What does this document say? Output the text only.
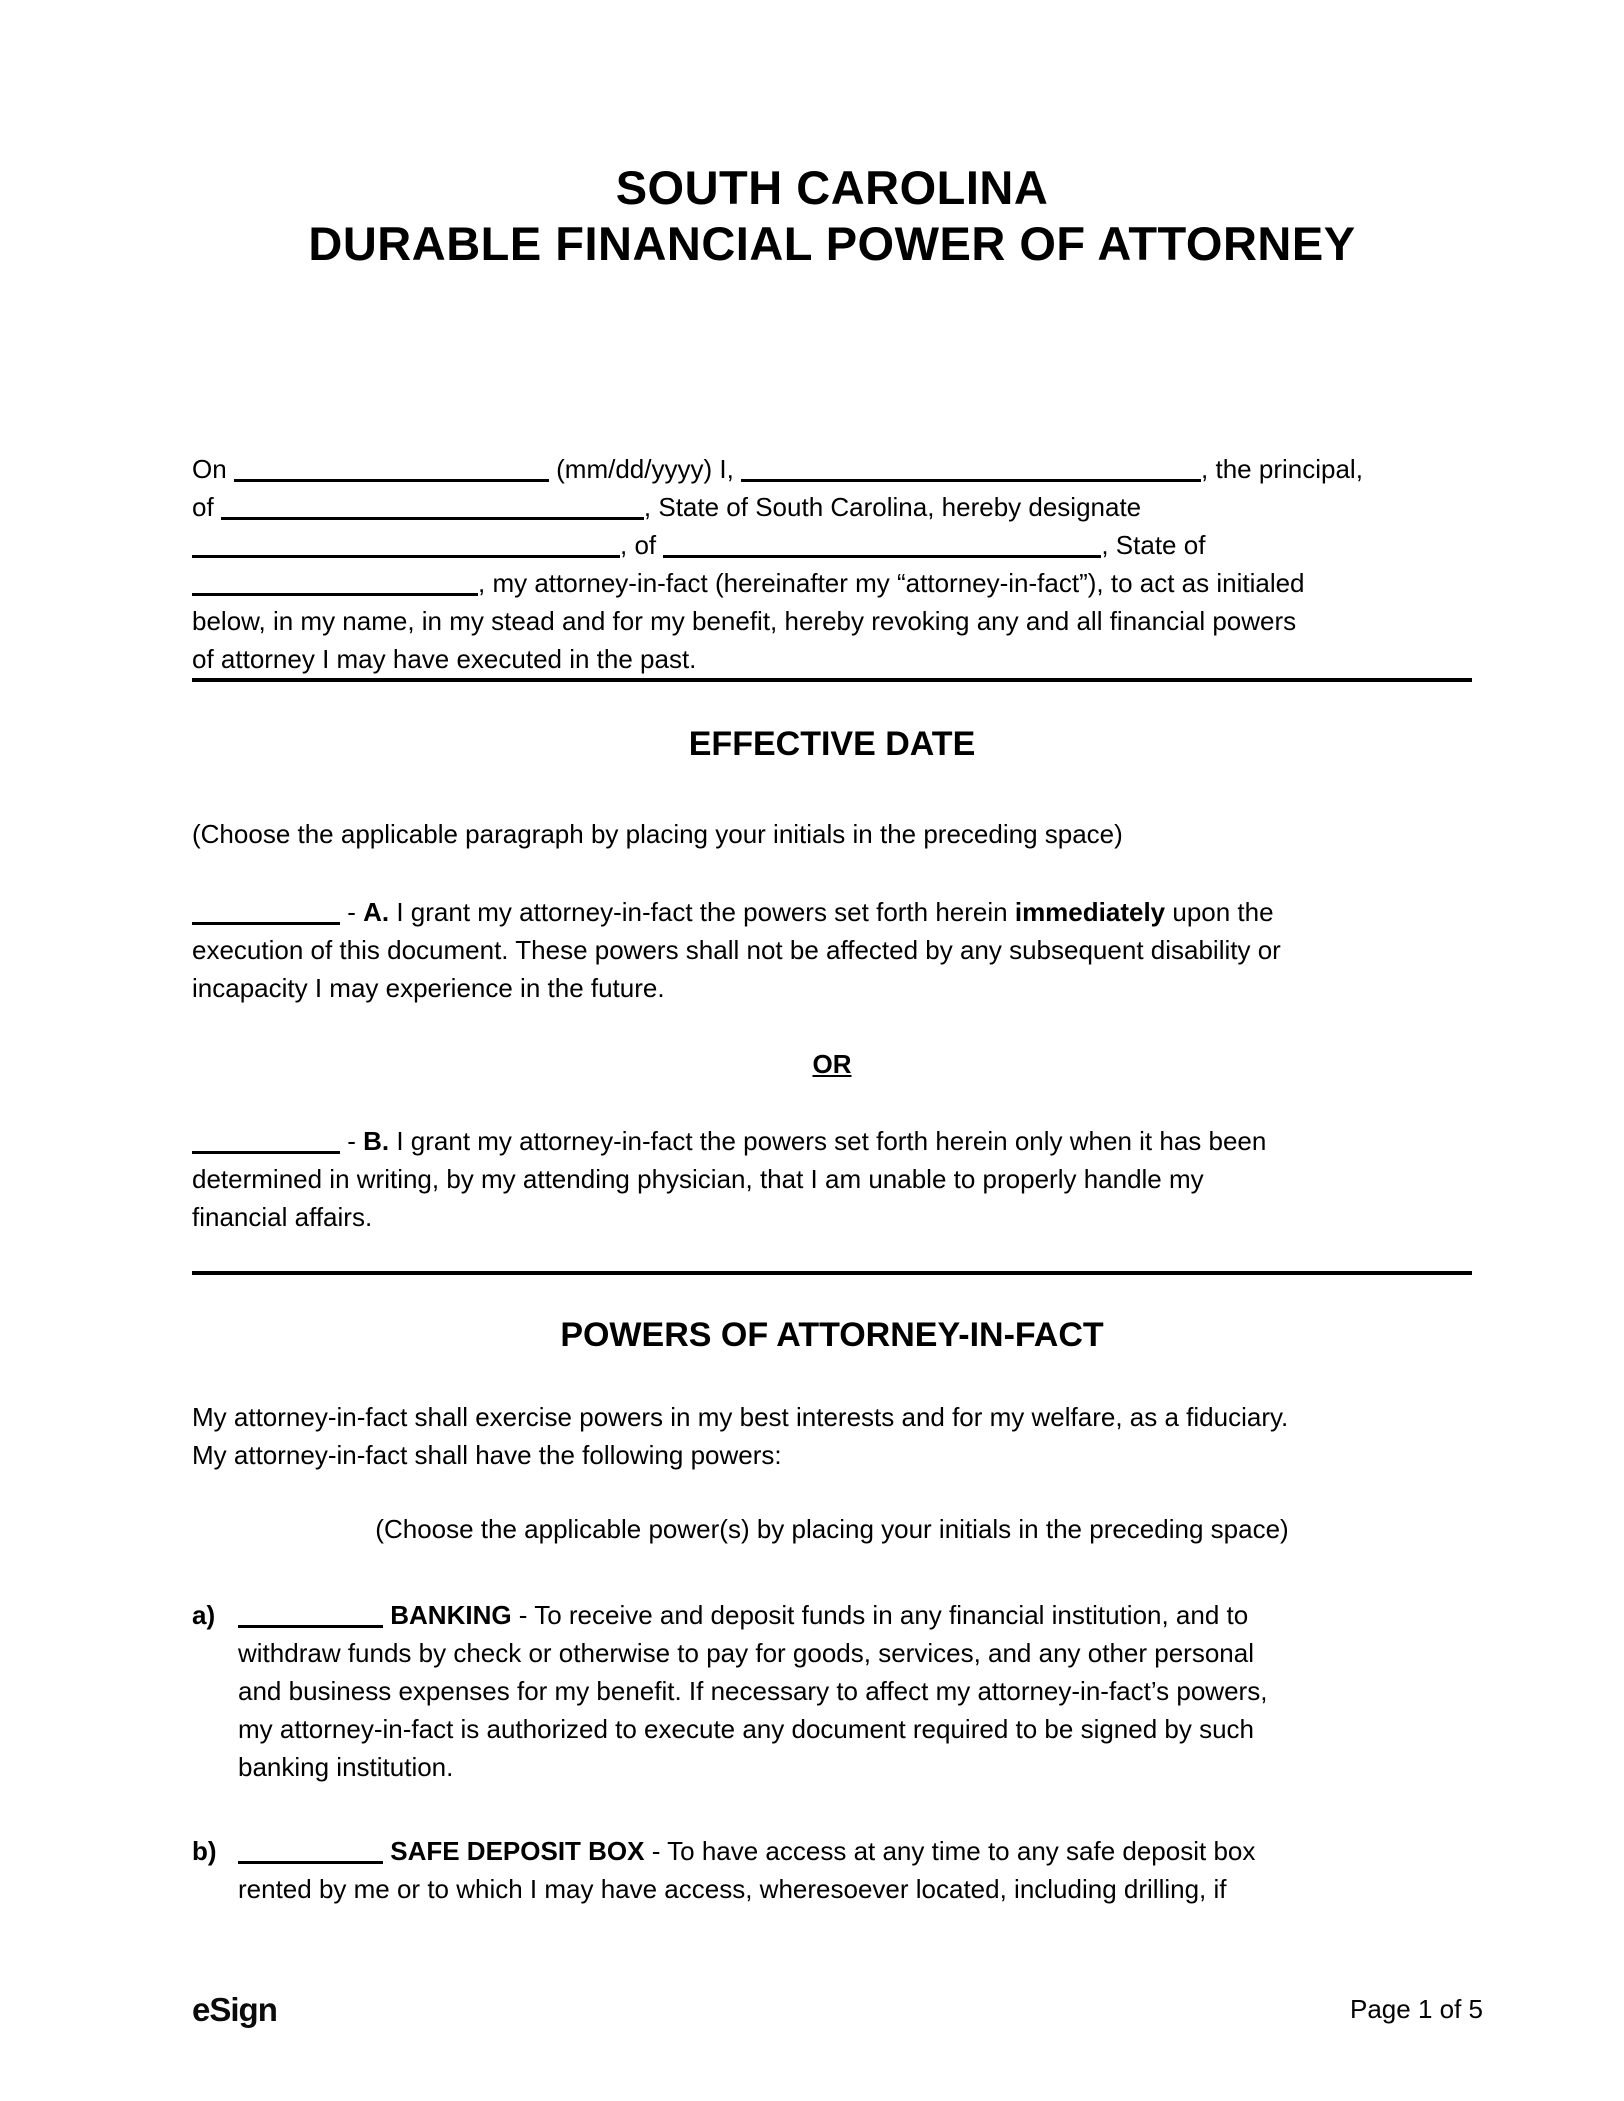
SOUTH CAROLINA
DURABLE FINANCIAL POWER OF ATTORNEY
On	(mm/dd/yyyy) I,	, the principal,
of	, State of South Carolina, hereby designate
, of	, State of
, my attorney-in-fact (hereinafter my “attorney-in-fact”), to act as initialed
below, in my name, in my stead and for my benefit, hereby revoking any and all financial powers
of attorney I may have executed in the past.
EFFECTIVE DATE
(Choose the applicable paragraph by placing your initials in the preceding space)
- A. I grant my attorney-in-fact the powers set forth herein immediately upon the
execution of this document. These powers shall not be affected by any subsequent disability or
incapacity I may experience in the future.
OR
- B. I grant my attorney-in-fact the powers set forth herein only when it has been
determined in writing, by my attending physician, that I am unable to properly handle my
financial affairs.
POWERS OF ATTORNEY-IN-FACT
My attorney-in-fact shall exercise powers in my best interests and for my welfare, as a fiduciary.
My attorney-in-fact shall have the following powers:
(Choose the applicable power(s) by placing your initials in the preceding space)
a)	BANKING - To receive and deposit funds in any financial institution, and to
withdraw funds by check or otherwise to pay for goods, services, and any other personal
and business expenses for my benefit. If necessary to affect my attorney-in-fact’s powers,
my attorney-in-fact is authorized to execute any document required to be signed by such
banking institution.
b)	SAFE DEPOSIT BOX - To have access at any time to any safe deposit box
rented by me or to which I may have access, wheresoever located, including drilling, if
eSign	Page 1 of 5
